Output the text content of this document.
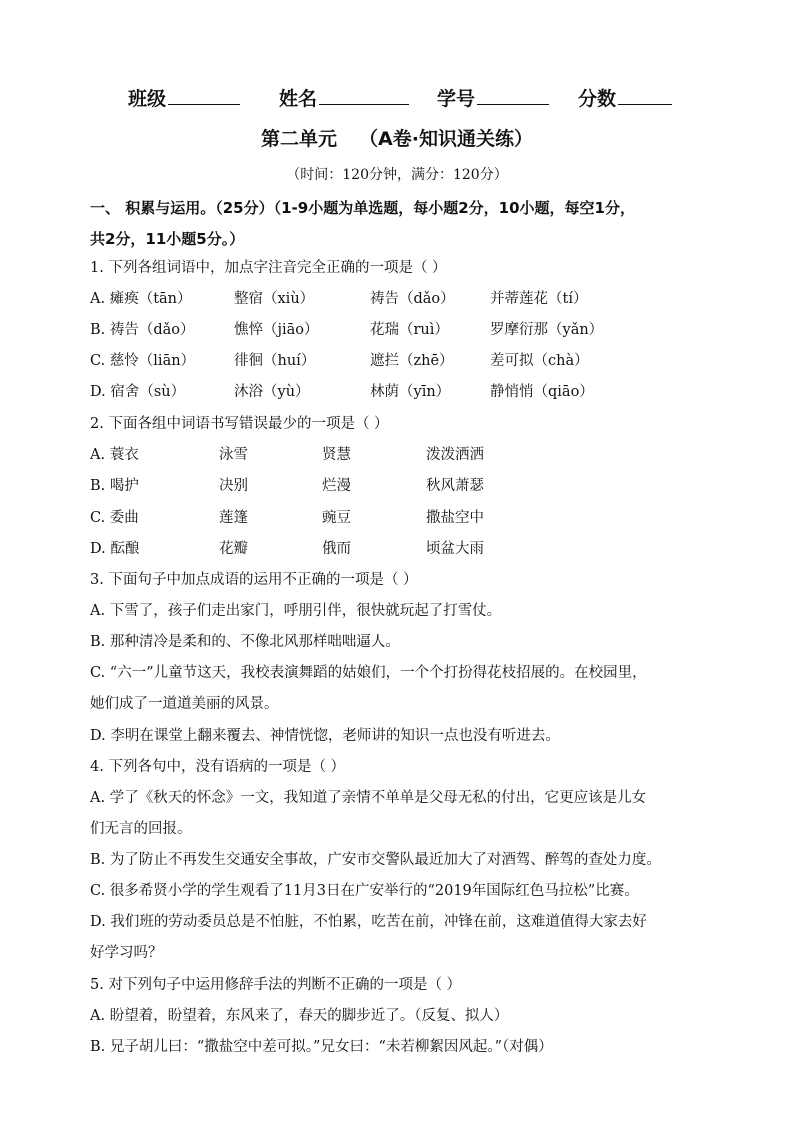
班级	姓名	学号	分数
第二单元 （A卷·知识通关练）
（时间：120分钟，满分：120分）
一、 积累与运用。（25分）（1-9小题为单选题，每小题2分，10小题，每空1分，
共2分，11小题5分。）
1. 下列各组词语中，加点字注音完全正确的一项是（ ）
A. 瘫痪（tān）	整宿（xiù）	祷告（dǎo） 并蒂莲花（tí）
B. 祷告（dǎo）	憔悴（jiāo）	花瑞（ruì）	罗摩衍那（yǎn）
C. 慈怜（liān）	徘徊（huí）	遮拦（zhē）	差可拟（chà）
D. 宿舍（sù）	沐浴（yù）	林荫（yīn）	静悄悄（qiāo）
2. 下面各组中词语书写错误最少的一项是（ ）
A. 蓑衣	泳雪	贤慧	泼泼洒洒
B. 喝护	决别	烂漫	秋风萧瑟
C. 委曲	莲篷	豌豆	撒盐空中
D. 酝酿	花瓣	俄而	顷盆大雨
3. 下面句子中加点成语的运用不正确的一项是（ ）
A. 下雪了，孩子们走出家门，呼朋引伴，很快就玩起了打雪仗。
B. 那种清冷是柔和的、不像北风那样咄咄逼人。
C. “六一”儿童节这天，我校表演舞蹈的姑娘们，一个个打扮得花枝招展的。在校园里，
她们成了一道道美丽的风景。
D. 李明在课堂上翻来覆去、神情恍惚，老师讲的知识一点也没有听进去。
4. 下列各句中，没有语病的一项是（ ）
A. 学了《秋天的怀念》一文，我知道了亲情不单单是父母无私的付出，它更应该是儿女
们无言的回报。
B. 为了防止不再发生交通安全事故，广安市交警队最近加大了对酒驾、醉驾的查处力度。
C. 很多希贤小学的学生观看了11月3日在广安举行的“2019年国际红色马拉松”比赛。
D. 我们班的劳动委员总是不怕脏，不怕累，吃苦在前，冲锋在前，这难道值得大家去好
好学习吗？
5. 对下列句子中运用修辞手法的判断不正确的一项是（ ）
A. 盼望着，盼望着，东风来了，春天的脚步近了。（反复、拟人）
B. 兄子胡儿曰：“撒盐空中差可拟。”兄女曰：“未若柳絮因风起。”（对偶）
